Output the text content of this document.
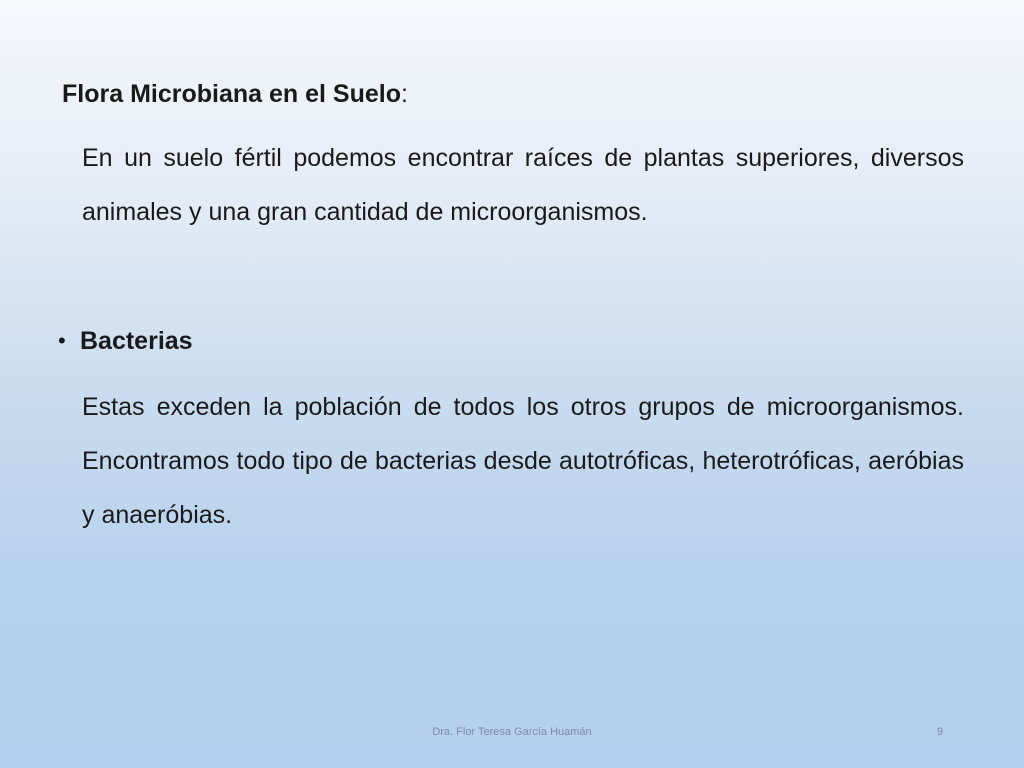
Flora Microbiana en el Suelo:

En un suelo fértil podemos encontrar raíces de plantas superiores, diversos animales y una gran cantidad de microorganismos.

• Bacterias

Estas exceden la población de todos los otros grupos de microorganismos. Encontramos todo tipo de bacterias desde autotróficas, heterotróficas, aeróbias y anaeróbias.

Dra. Flor Teresa García Huamán	9
